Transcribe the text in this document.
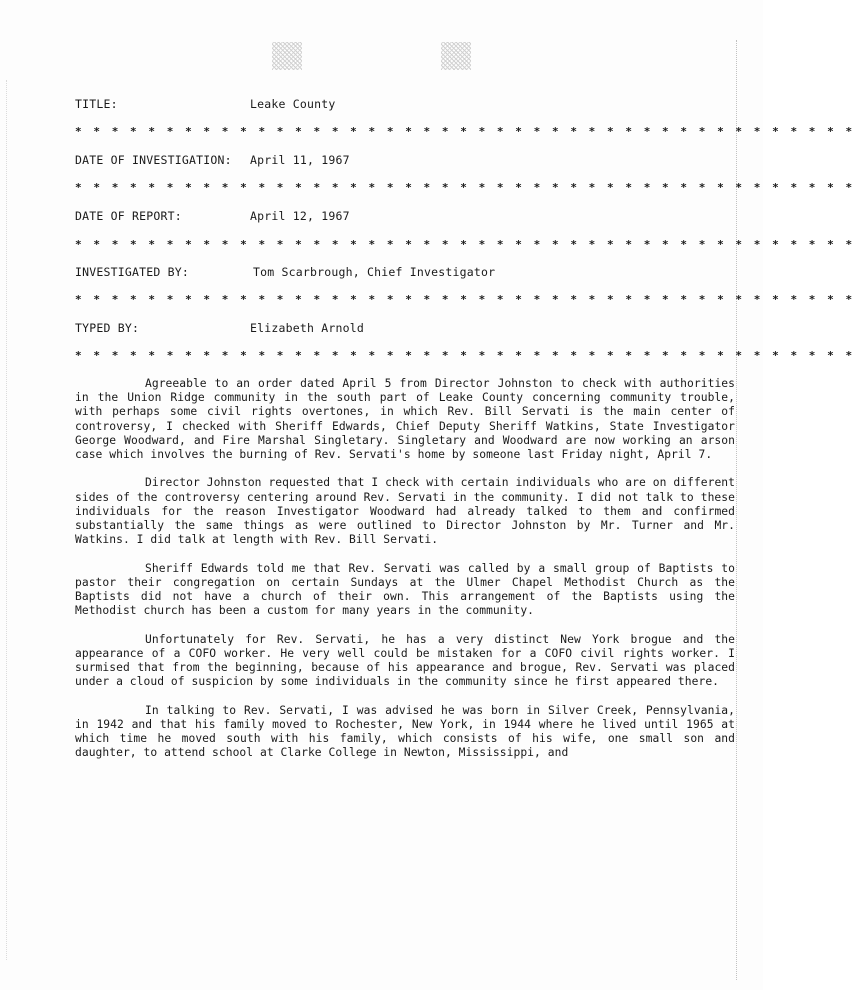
TITLE:	Leake County
* * * * * * * * * * * * * * * * * * * * * * * * * * * * * * * * * * * * * * * * * * *
DATE OF INVESTIGATION: April 11, 1967
* * * * * * * * * * * * * * * * * * * * * * * * * * * * * * * * * * * * * * * * * * *
DATE OF REPORT:	April 12, 1967
* * * * * * * * * * * * * * * * * * * * * * * * * * * * * * * * * * * * * * * * * * *
INVESTIGATED BY:	Tom Scarbrough, Chief Investigator
* * * * * * * * * * * * * * * * * * * * * * * * * * * * * * * * * * * * * * * * * * *
TYPED BY:	Elizabeth Arnold
* * * * * * * * * * * * * * * * * * * * * * * * * * * * * * * * * * * * * * * * * * *

Agreeable to an order dated April 5 from Director Johnston to check with authorities in the Union Ridge community in the south part of Leake County concerning community trouble, with perhaps some civil rights overtones, in which Rev. Bill Servati is the main center of controversy, I checked with Sheriff Edwards, Chief Deputy Sheriff Watkins, State Investigator George Woodward, and Fire Marshal Singletary. Singletary and Woodward are now working an arson case which involves the burning of Rev. Servati's home by someone last Friday night, April 7.

Director Johnston requested that I check with certain individuals who are on different sides of the controversy centering around Rev. Servati in the community. I did not talk to these individuals for the reason Investigator Woodward had already talked to them and confirmed substantially the same things as were outlined to Director Johnston by Mr. Turner and Mr. Watkins. I did talk at length with Rev. Bill Servati.

Sheriff Edwards told me that Rev. Servati was called by a small group of Baptists to pastor their congregation on certain Sundays at the Ulmer Chapel Methodist Church as the Baptists did not have a church of their own. This arrangement of the Baptists using the Methodist church has been a custom for many years in the community.

Unfortunately for Rev. Servati, he has a very distinct New York brogue and the appearance of a COFO worker. He very well could be mistaken for a COFO civil rights worker. I surmised that from the beginning, because of his appearance and brogue, Rev. Servati was placed under a cloud of suspicion by some individuals in the community since he first appeared there.

In talking to Rev. Servati, I was advised he was born in Silver Creek, Pennsylvania, in 1942 and that his family moved to Rochester, New York, in 1944 where he lived until 1965 at which time he moved south with his family, which consists of his wife, one small son and daughter, to attend school at Clarke College in Newton, Mississippi, and
